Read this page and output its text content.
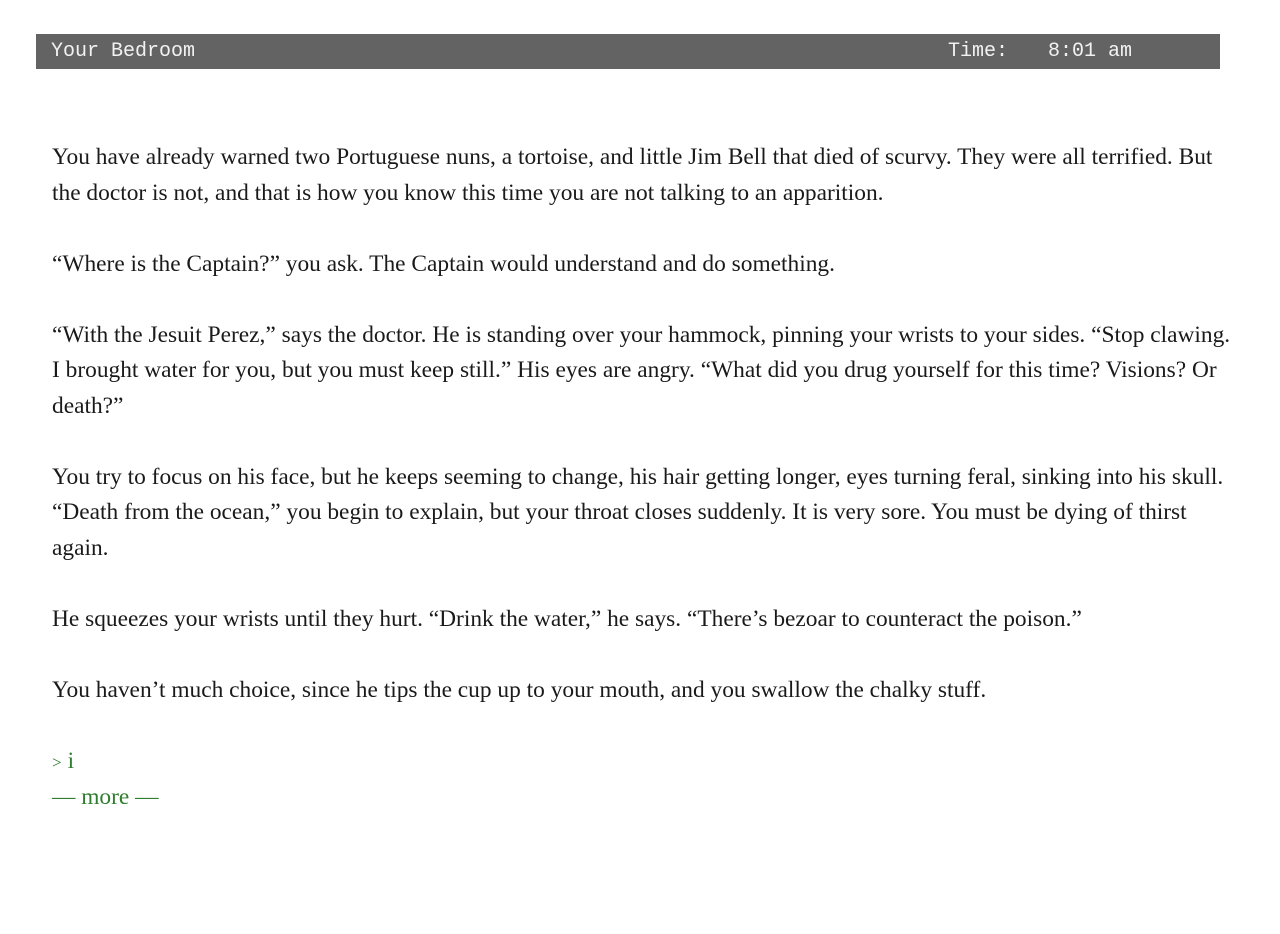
Your Bedroom	Time: 8:01 am

You have already warned two Portuguese nuns, a tortoise, and little Jim Bell that died of scurvy. They were all terrified. But the doctor is not, and that is how you know this time you are not talking to an apparition.

“Where is the Captain?” you ask. The Captain would understand and do something.

“With the Jesuit Perez,” says the doctor. He is standing over your hammock, pinning your wrists to your sides. “Stop clawing. I brought water for you, but you must keep still.” His eyes are angry. “What did you drug yourself for this time? Visions? Or death?”

You try to focus on his face, but he keeps seeming to change, his hair getting longer, eyes turning feral, sinking into his skull. “Death from the ocean,” you begin to explain, but your throat closes suddenly. It is very sore. You must be dying of thirst again.

He squeezes your wrists until they hurt. “Drink the water,” he says. “There’s bezoar to counteract the poison.”

You haven’t much choice, since he tips the cup up to your mouth, and you swallow the chalky stuff.

> i
— more —
